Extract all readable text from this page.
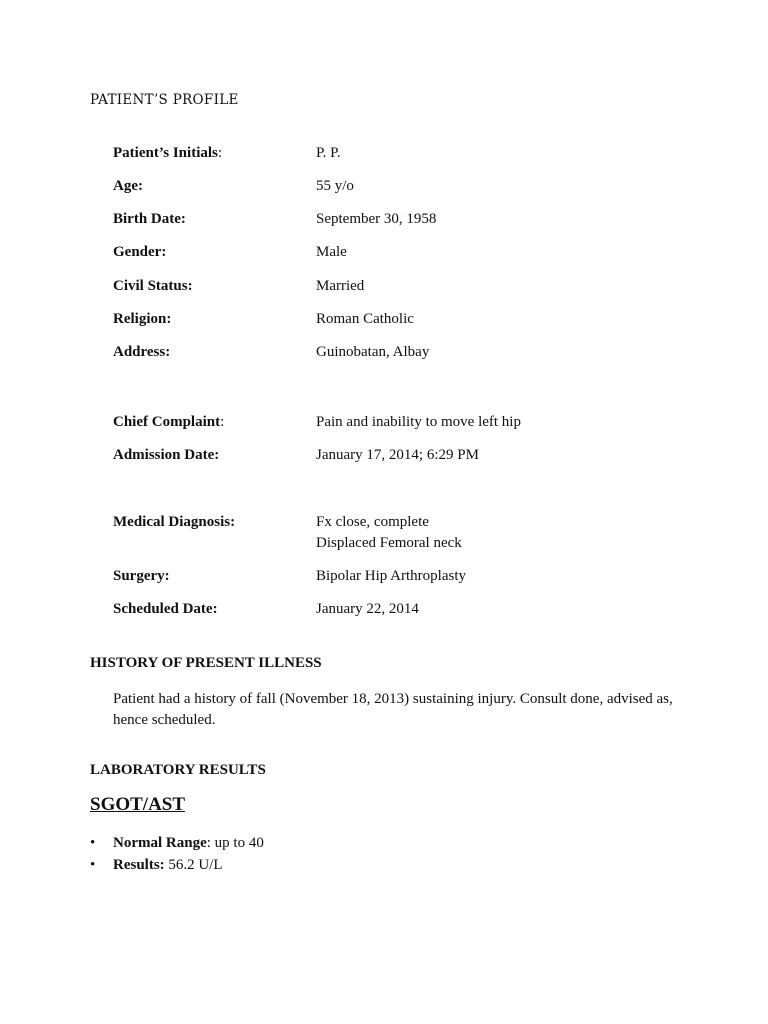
PATIENT’S PROFILE
Patient’s Initials:	P. P.
Age:	55 y/o
Birth Date:	September 30, 1958
Gender:	Male
Civil Status:	Married
Religion:	Roman Catholic
Address:	Guinobatan, Albay
Chief Complaint:	Pain and inability to move left hip
Admission Date:	January 17, 2014; 6:29 PM
Medical Diagnosis:	Fx close, complete
Displaced Femoral neck
Surgery:	Bipolar Hip Arthroplasty
Scheduled Date:	January 22, 2014
HISTORY OF PRESENT ILLNESS
Patient had a history of fall (November 18, 2013) sustaining injury. Consult done, advised as, hence scheduled.
LABORATORY RESULTS
SGOT/AST
• Normal Range: up to 40
• Results: 56.2 U/L
